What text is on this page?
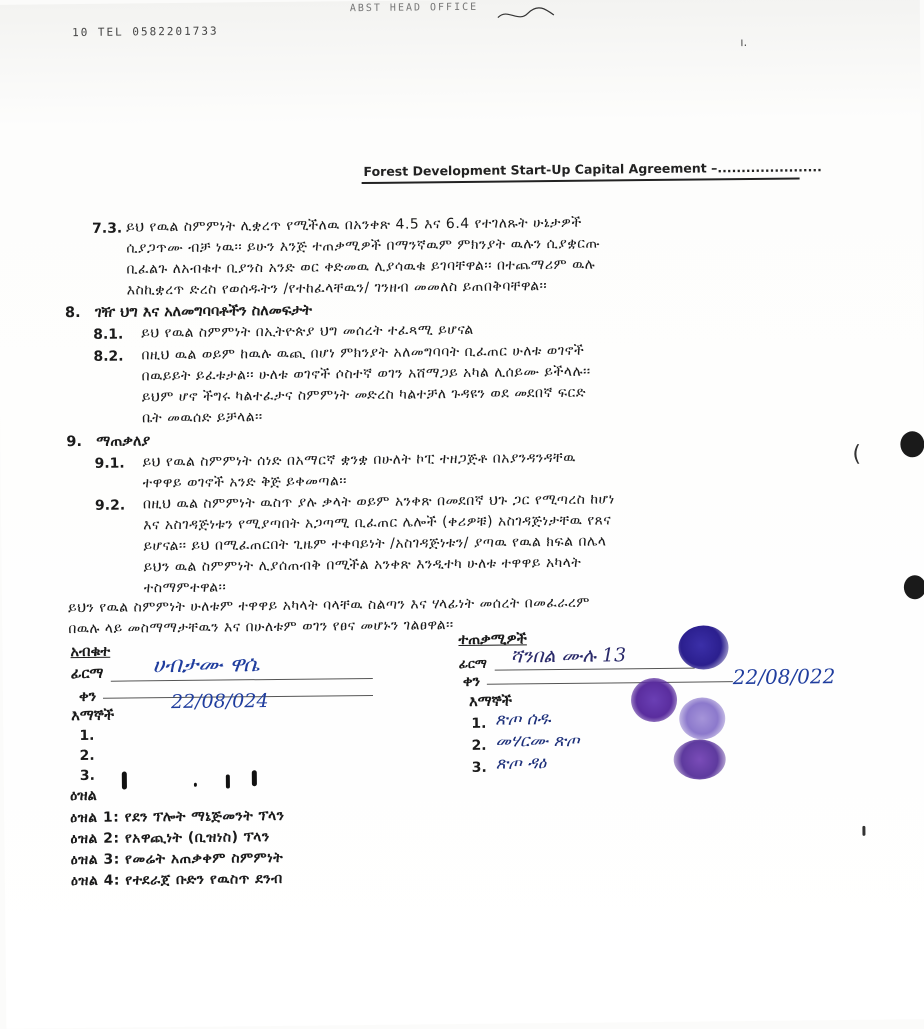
10 TEL 0582201733
ABST HEAD OFFICE
ı.
Forest Development Start-Up Capital Agreement –......................
7.3. ይህ የዉል ስምምነት ሊቋረጥ የሚችለዉ በአንቀጽ 4.5 እና 6.4 የተገለጹት ሁኔታዎች
ሲያጋጥሙ ብቻ ነዉ፡፡ ይሁን እንጅ ተጠቃሚዎች በማንኛዉም ምክንያት ዉሉን ሲያቋርጡ
ቢፈልጉ ለአብቁተ ቢያንስ አንድ ወር ቀድመዉ ሊያሳዉቁ ይገባቸዋል፡፡ በተጨማሪም ዉሉ
እስኪቋረጥ ድረስ የወሰዱትን /የተከፈላቸዉን/ ገንዘብ መመለስ ይጠበቅባቸዋል፡፡
8. ገዥ ህግ እና አለመግባባቶችን ስለመፍታት
8.1. ይህ የዉል ስምምነት በኢትዮጵያ ህግ መሰረት ተፈጻሚ ይሆናል
8.2. በዚህ ዉል ወይም ከዉሉ ዉጪ በሆነ ምክንያት አለመግባባት ቢፈጠር ሁለቱ ወገኖች
በዉይይት ይፈቱታል፡፡ ሁለቱ ወገኖች ሶስተኛ ወገን አሸማጋይ አካል ሊሰይሙ ይችላሉ፡፡
ይህም ሆኖ ችግሩ ካልተፈታና ስምምነት መድረስ ካልተቻለ ጉዳዩን ወደ መደበኛ ፍርድ
ቤት መዉሰድ ይቻላል፡፡
9. ማጠቃለያ
9.1. ይህ የዉል ስምምነት ሰነድ በአማርኛ ቋንቋ በሁለት ኮፒ ተዘጋጅቶ በአያንዳንዳቸዉ
ተዋዋይ ወገኖች አንድ ቅጅ ይቀመጣል፡፡
9.2. በዚህ ዉል ስምምነት ዉስጥ ያሉ ቃላት ወይም አንቀጽ በመደበኛ ህጉ ጋር የሚጣረስ ከሆነ
እና አስገዳጅነቱን የሚያጣበት አጋጣሚ ቢፈጠር ሌሎች (ቀሪዎቹ) አስገዳጅነታቸዉ የጸና
ይሆናል፡፡ ይህ በሚፈጠርበት ጊዜም ተቀባይነት /አስገዳጅነቱን/ ያጣዉ የዉል ክፍል በሌላ
ይህን ዉል ስምምነት ሊያሰጠብቅ በሚችል አንቀጽ እንዲተካ ሁለቱ ተዋዋይ አካላት
ተስማምተዋል፡፡
ይህን የዉል ስምምነት ሁለቱም ተዋዋይ አካላት ባላቸዉ ስልጣን እና ሃላፊነት መሰረት በመፈራረም
በዉሉ ላይ መስማማታቸዉን እና በሁለቱም ወገን የፀና መሆኑን ገልፀዋል፡፡
አብቁተ
ፊርማ ሀብታሙ ዋሴ
ቀን
እማኞች
22/08/024
1.
2.
3.
ተጠቃሚዎች
ፊርማ ሻንበል ሙሉ 13
ቀን	22/08/022
እማኞች
1. ጽጦ ሰዱ
2. መሃርሙ ጽጦ
3. ጽጦ ዳዕ
ዕዝል
ዕዝል 1: የደን ፕሎት ማኔጅመንት ፕላን
ዕዝል 2: የአዋጪነት (ቢዝነስ) ፕላን
ዕዝል 3: የመሬት አጠቃቀም ስምምነት
ዕዝል 4: የተደራጀ ቡድን የዉስጥ ደንብ
(
